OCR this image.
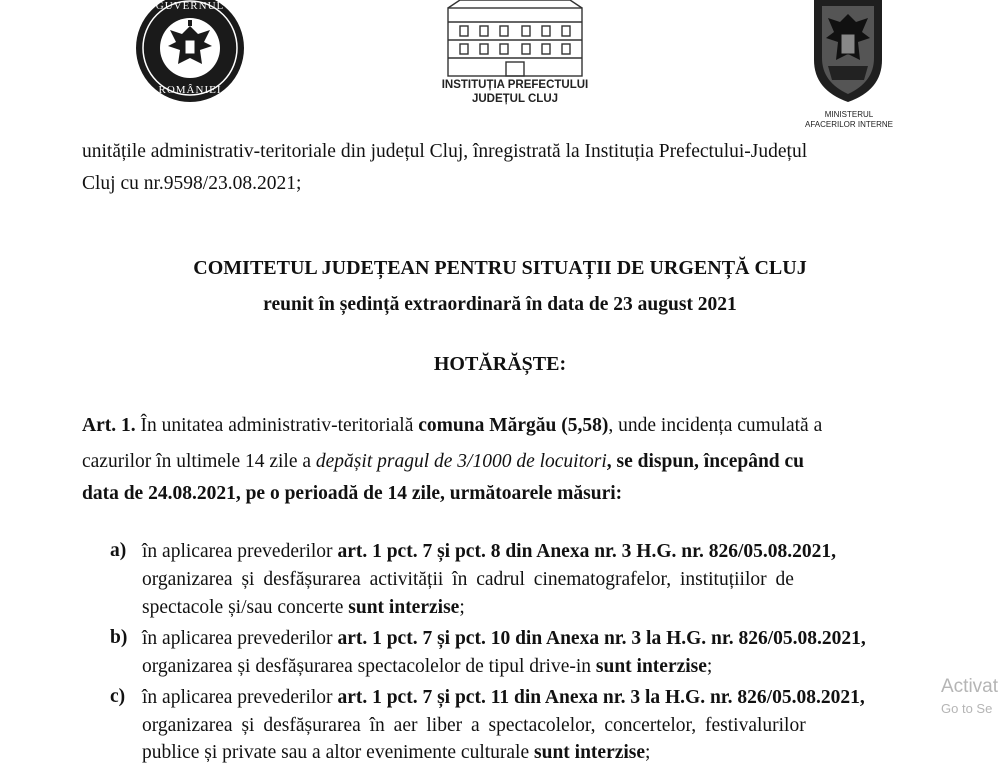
GUVERNUL
ROMÂNIEI	INSTITUȚIA PREFECTULUI
JUDEȚUL CLUJ
MINISTERUL
AFACERILOR INTERNE
unitățile administrativ-teritoriale din județul Cluj, înregistrată la Instituția Prefectului-Județul
Cluj cu nr.9598/23.08.2021;
COMITETUL JUDEȚEAN PENTRU SITUAȚII DE URGENȚĂ CLUJ
reunit în ședință extraordinară în data de 23 august 2021
HOTĂRĂȘTE:
Art. 1. În unitatea administrativ-teritorială comuna Mărgău (5,58), unde incidența cumulată a
cazurilor în ultimele 14 zile a depășit pragul de 3/1000 de locuitori, se dispun, începând cu
data de 24.08.2021, pe o perioadă de 14 zile, următoarele măsuri:
a) în aplicarea prevederilor art. 1 pct. 7 și pct. 8 din Anexa nr. 3 H.G. nr. 826/05.08.2021,
organizarea și desfășurarea activității în cadrul cinematografelor, instituțiilor de
spectacole și/sau concerte sunt interzise;
b) în aplicarea prevederilor art. 1 pct. 7 și pct. 10 din Anexa nr. 3 la H.G. nr. 826/05.08.2021,
organizarea și desfășurarea spectacolelor de tipul drive-in sunt interzise;
c) în aplicarea prevederilor art. 1 pct. 7 și pct. 11 din Anexa nr. 3 la H.G. nr. 826/05.08.2021,
organizarea și desfășurarea în aer liber a spectacolelor, concertelor, festivalurilor
publice și private sau a altor evenimente culturale sunt interzise;
Activat
Go to Se
